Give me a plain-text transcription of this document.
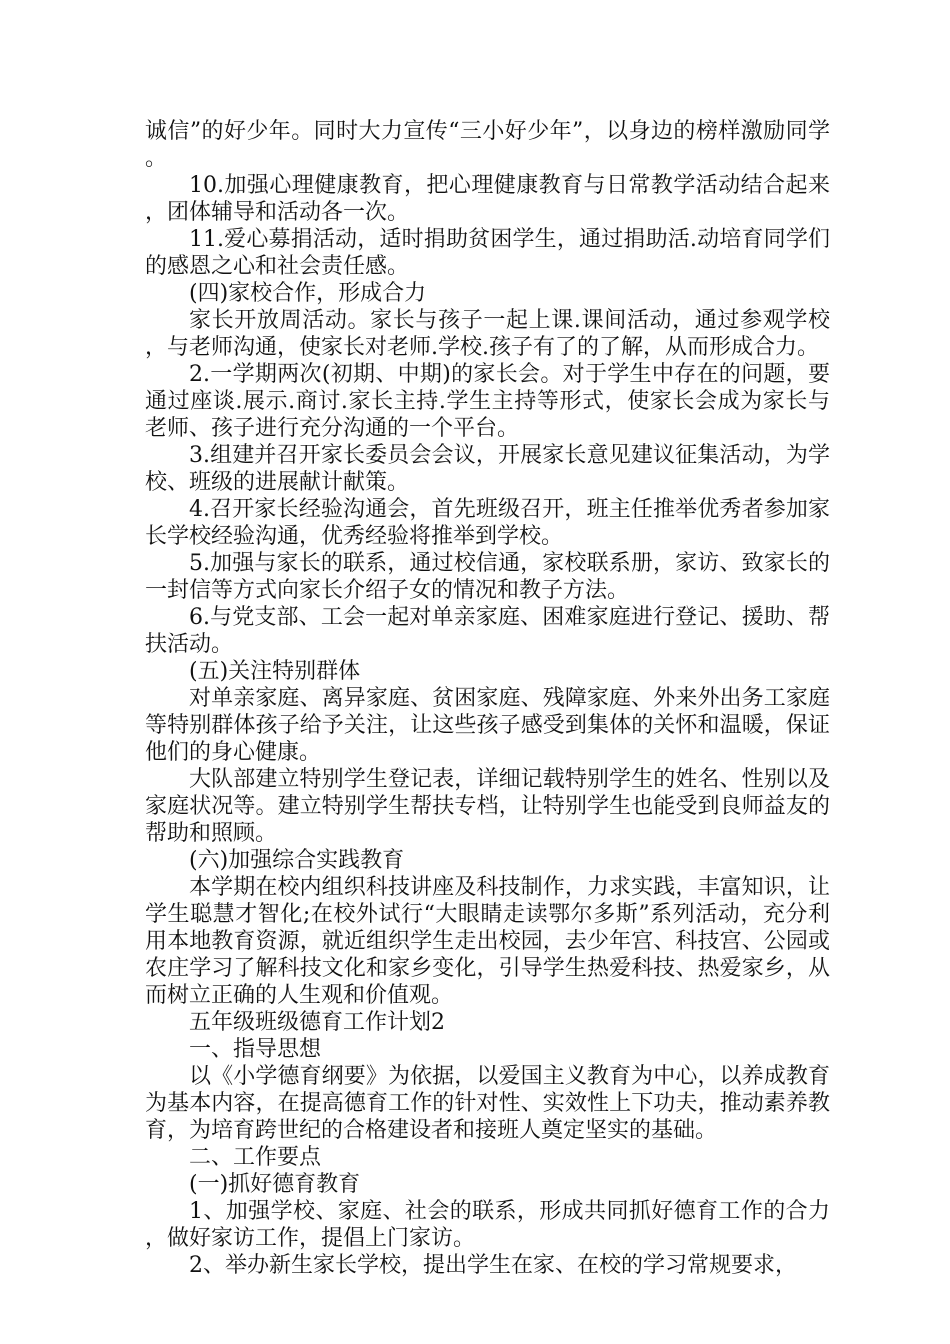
诚信”的好少年。同时大力宣传“三小好少年”，以身边的榜样激励同学。

10.加强心理健康教育，把心理健康教育与日常教学活动结合起来，团体辅导和活动各一次。

11.爱心募捐活动，适时捐助贫困学生，通过捐助活.动培育同学们的感恩之心和社会责任感。

(四)家校合作，形成合力

家长开放周活动。家长与孩子一起上课.课间活动，通过参观学校，与老师沟通，使家长对老师.学校.孩子有了的了解，从而形成合力。

2.一学期两次(初期、中期)的家长会。对于学生中存在的问题，要通过座谈.展示.商讨.家长主持.学生主持等形式，使家长会成为家长与老师、孩子进行充分沟通的一个平台。

3.组建并召开家长委员会会议，开展家长意见建议征集活动，为学校、班级的进展献计献策。

4.召开家长经验沟通会，首先班级召开，班主任推举优秀者参加家长学校经验沟通，优秀经验将推举到学校。

5.加强与家长的联系，通过校信通，家校联系册，家访、致家长的一封信等方式向家长介绍子女的情况和教子方法。

6.与党支部、工会一起对单亲家庭、困难家庭进行登记、援助、帮扶活动。

(五)关注特别群体

对单亲家庭、离异家庭、贫困家庭、残障家庭、外来外出务工家庭等特别群体孩子给予关注，让这些孩子感受到集体的关怀和温暖，保证他们的身心健康。

大队部建立特别学生登记表，详细记载特别学生的姓名、性别以及家庭状况等。建立特别学生帮扶专档，让特别学生也能受到良师益友的帮助和照顾。

(六)加强综合实践教育

本学期在校内组织科技讲座及科技制作，力求实践，丰富知识，让学生聪慧才智化;在校外试行“大眼睛走读鄂尔多斯”系列活动，充分利用本地教育资源，就近组织学生走出校园，去少年宫、科技宫、公园或农庄学习了解科技文化和家乡变化，引导学生热爱科技、热爱家乡，从而树立正确的人生观和价值观。

五年级班级德育工作计划2

一、指导思想

以《小学德育纲要》为依据，以爱国主义教育为中心，以养成教育为基本内容，在提高德育工作的针对性、实效性上下功夫，推动素养教育，为培育跨世纪的合格建设者和接班人奠定坚实的基础。

二、工作要点

(一)抓好德育教育

1、加强学校、家庭、社会的联系，形成共同抓好德育工作的合力，做好家访工作，提倡上门家访。

2、举办新生家长学校，提出学生在家、在校的学习常规要求，
